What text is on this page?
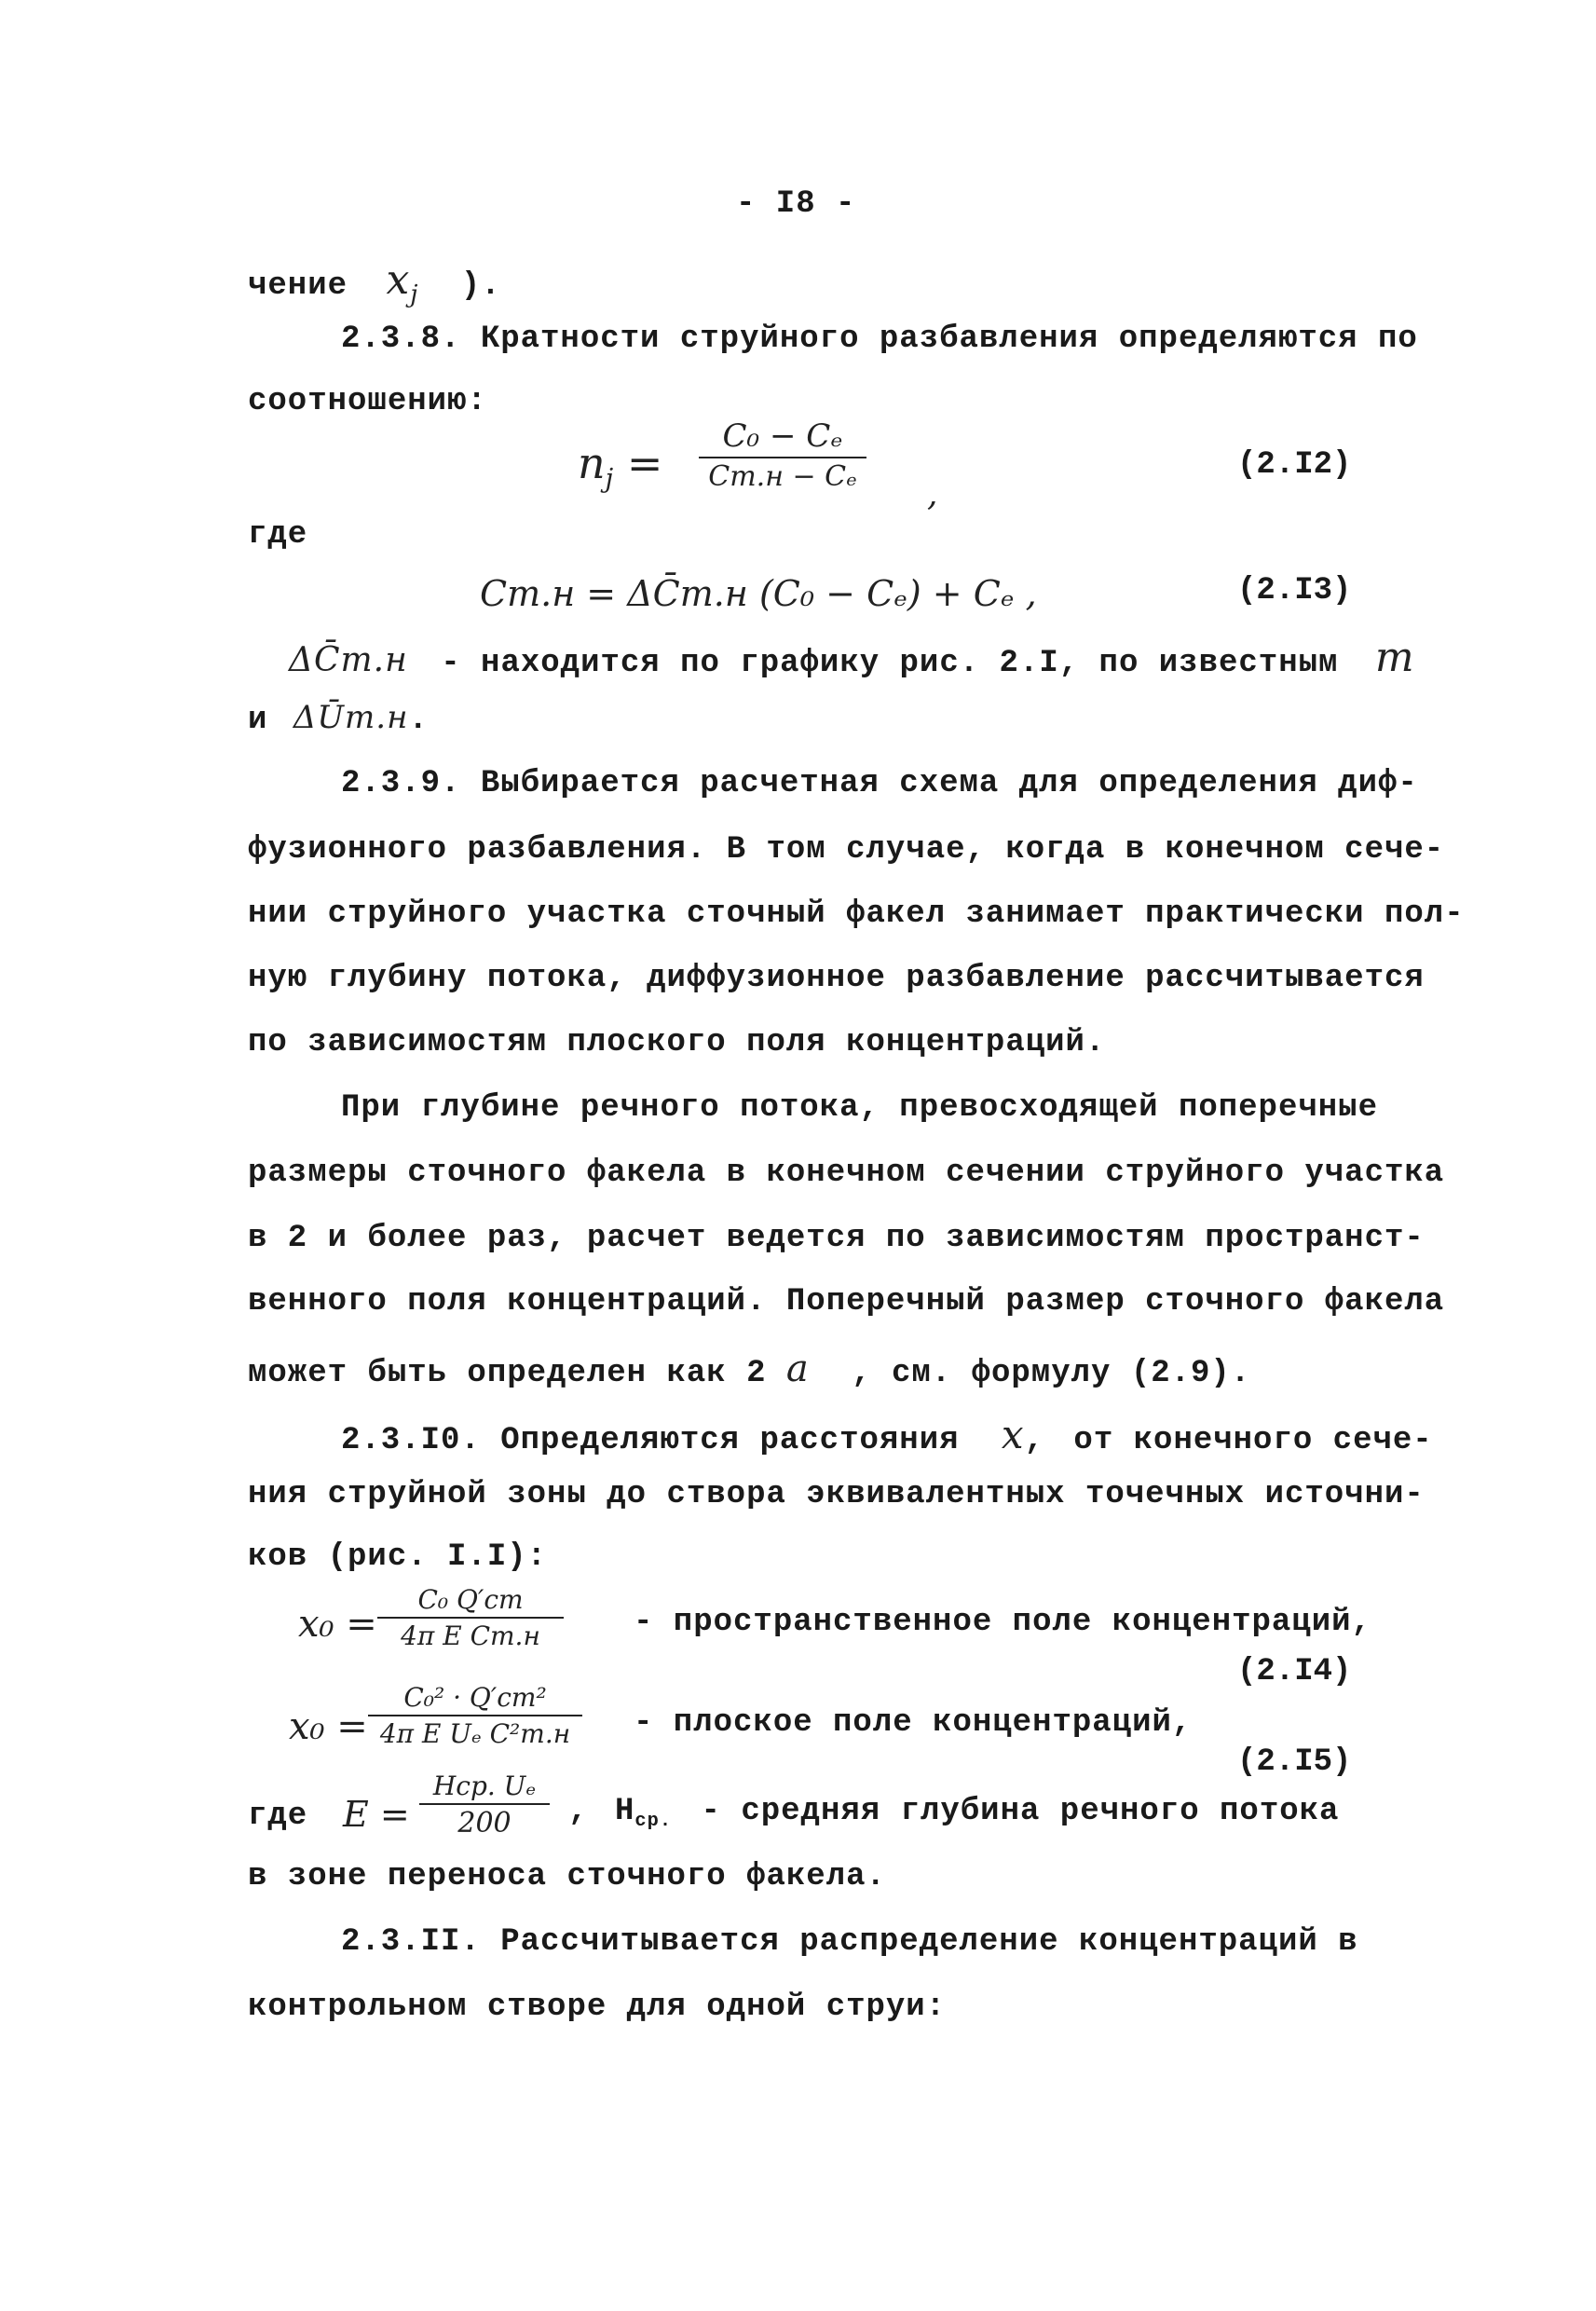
- I8 -
чение $x_j$ ).
2.3.8. Кратности струйного разбавления определяются по
соотношению:
$n_j$ =
C₀ − Cₑ
Cm.н − Cₑ ,
(2.I2)
где
Cm.н = ΔC̄m.н (C₀ − Cₑ) + Cₑ ,	(2.I3)
ΔC̄m.н - находится по графику рис. 2.I, по известным m
и ΔŪm.н.
2.3.9. Выбирается расчетная схема для определения диф-
фузионного разбавления. В том случае, когда в конечном сече-
нии струйного участка сточный факел занимает практически пол-
ную глубину потока, диффузионное разбавление рассчитывается
по зависимостям плоского поля концентраций.
При глубине речного потока, превосходящей поперечные
размеры сточного факела в конечном сечении струйного участка
в 2 и более раз, расчет ведется по зависимостям пространст-
венного поля концентраций. Поперечный размер сточного факела
может быть определен как 2 a , см. формулу (2.9).
2.3.I0. Определяются расстояния x, от конечного сече-
ния струйной зоны до створа эквивалентных точечных источни-
ков (рис. I.I):
x₀ =
C₀ Q′cm
4π E Cm.н	- пространственное поле концентраций,
(2.I4)
x₀ =
C₀² · Q′cm²
4π E Uₑ C²m.н - плоское поле концентраций,
(2.I5)
где E =
Hср. Uₑ
200 , $H_{ср.}$ - средняя глубина речного потока
в зоне переноса сточного факела.
2.3.II. Рассчитывается распределение концентраций в
контрольном створе для одной струи:
